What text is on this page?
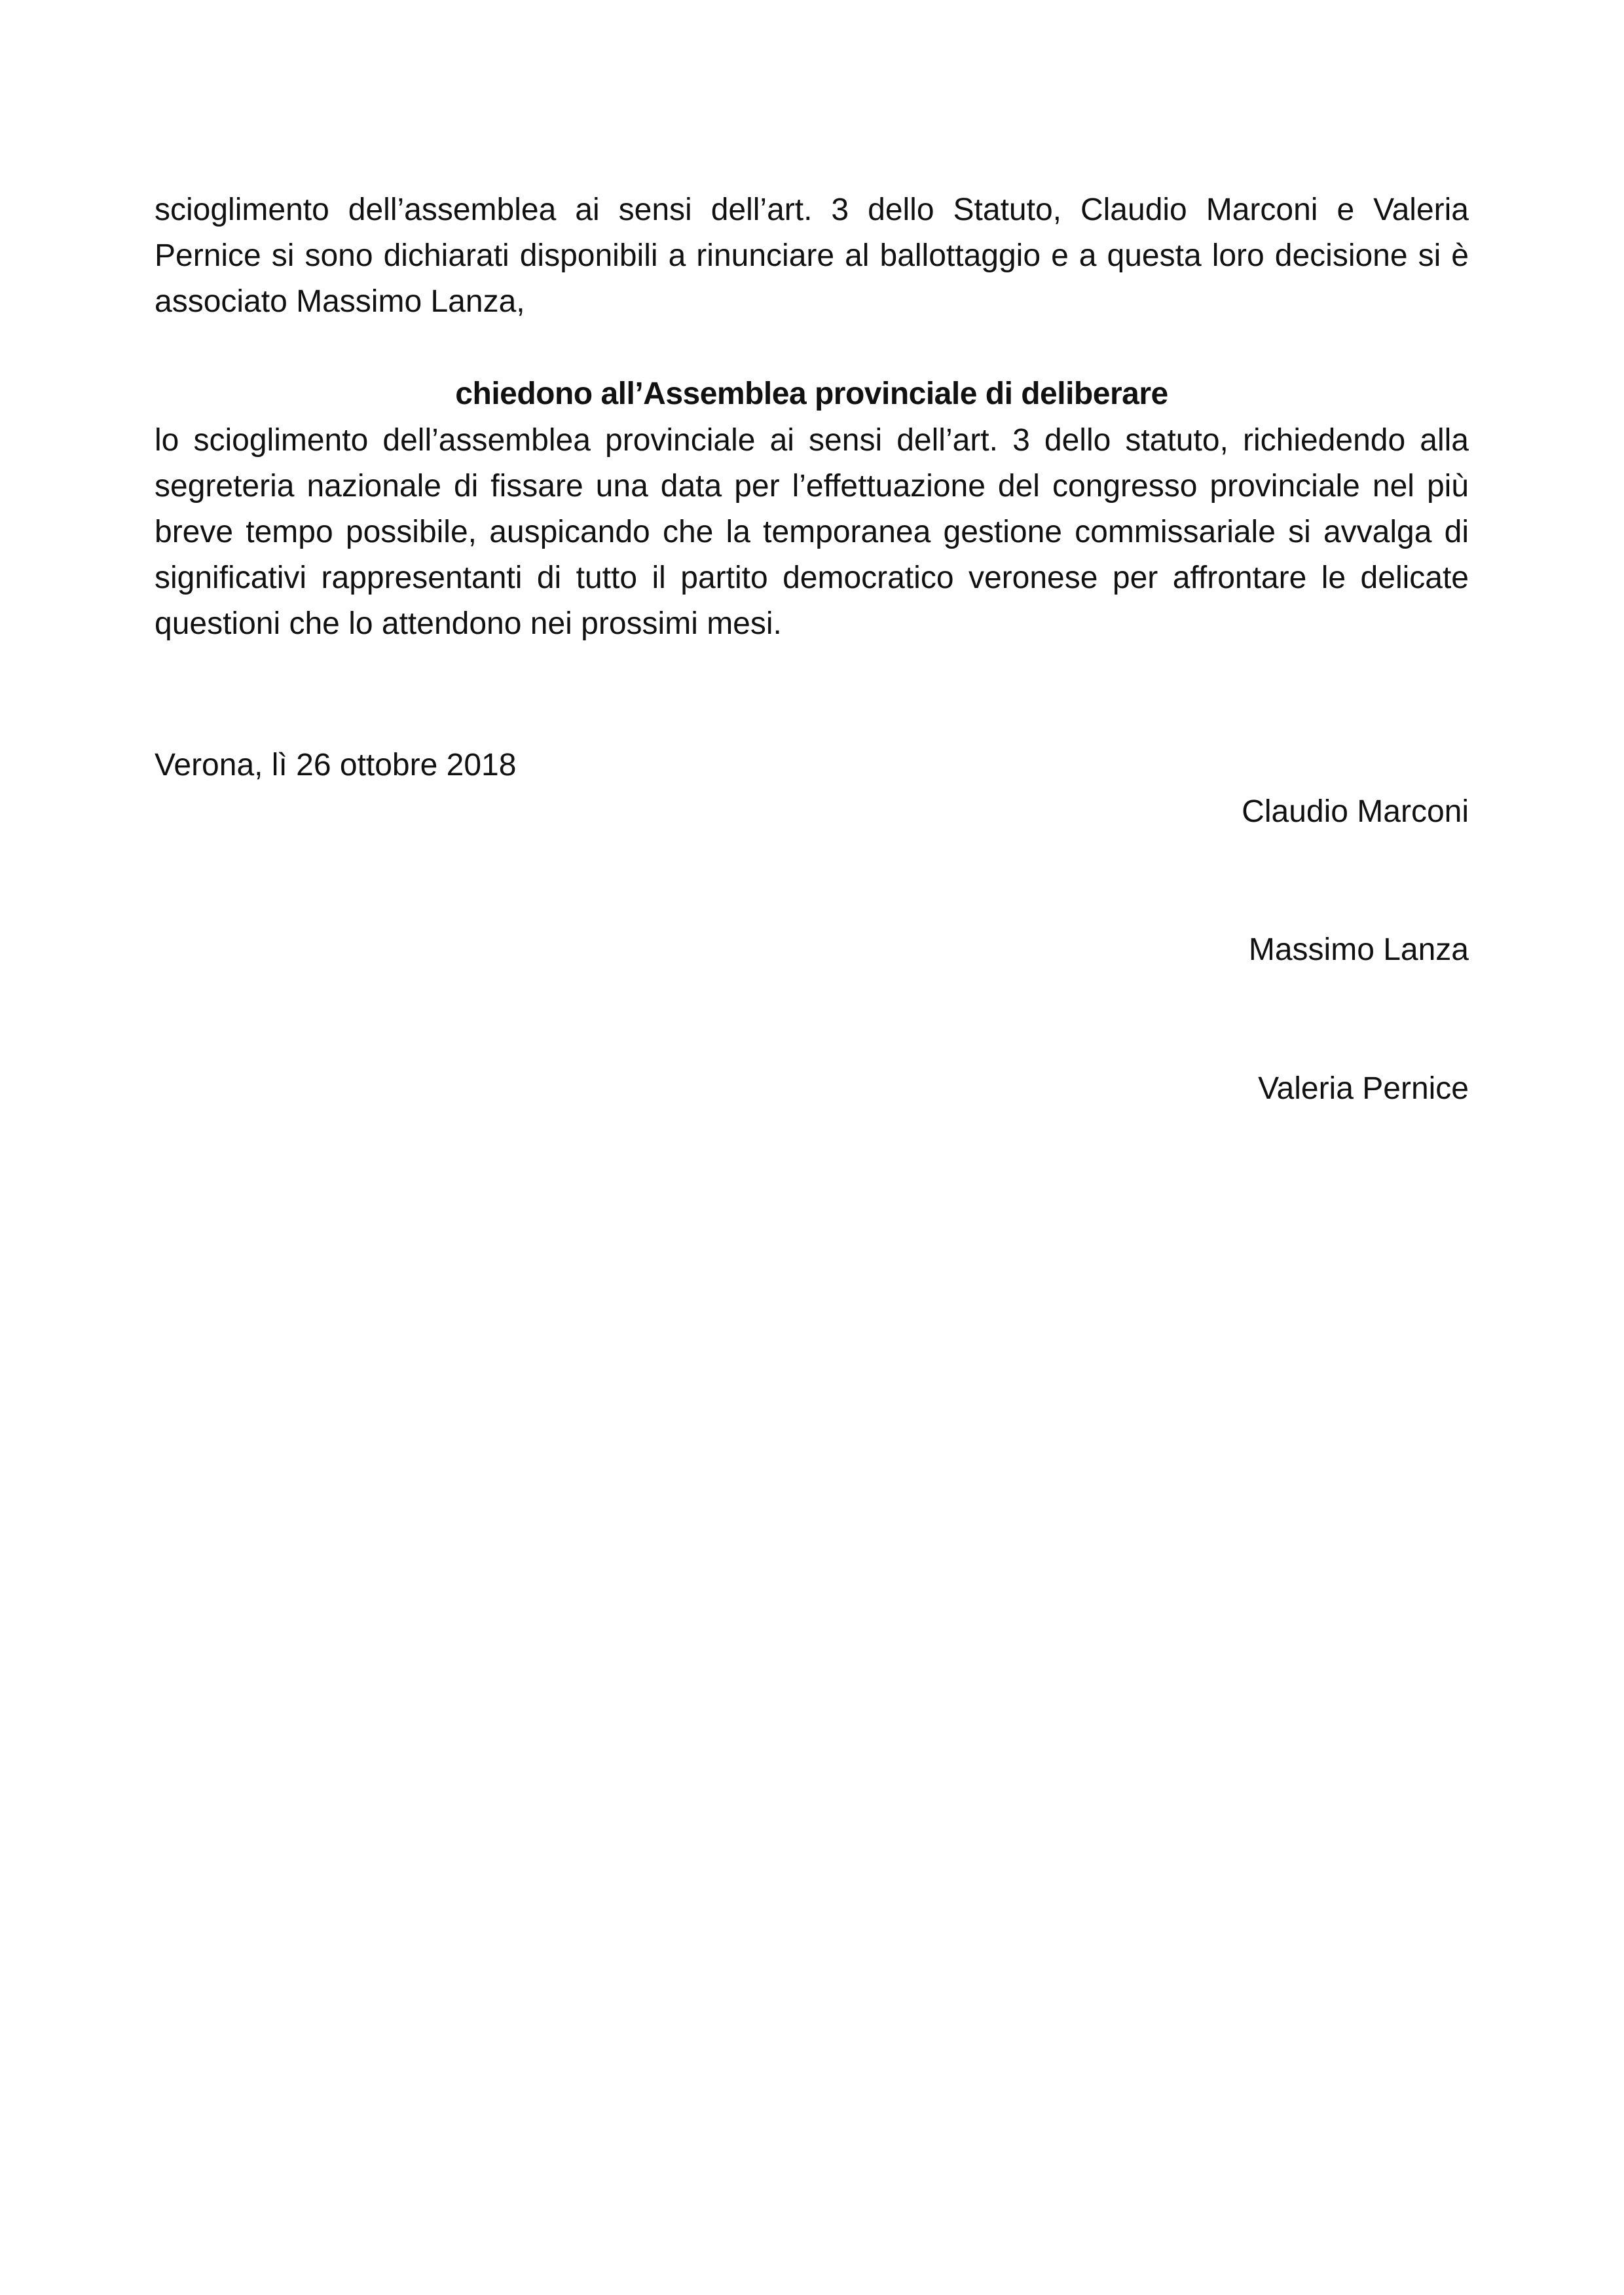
scioglimento dell’assemblea ai sensi dell’art. 3 dello Statuto, Claudio Marconi e Valeria Pernice si sono dichiarati disponibili a rinunciare al ballottaggio e a questa loro decisione si è associato Massimo Lanza,

chiedono all’Assemblea provinciale di deliberare

lo scioglimento dell’assemblea provinciale ai sensi dell’art. 3 dello statuto, richiedendo alla segreteria nazionale di fissare una data per l’effettuazione del congresso provinciale nel più breve tempo possibile, auspicando che la temporanea gestione commissariale si avvalga di significativi rappresentanti di tutto il partito democratico veronese per affrontare le delicate questioni che lo attendono nei prossimi mesi.

Verona, lì 26 ottobre 2018

Claudio Marconi

Massimo Lanza

Valeria Pernice
